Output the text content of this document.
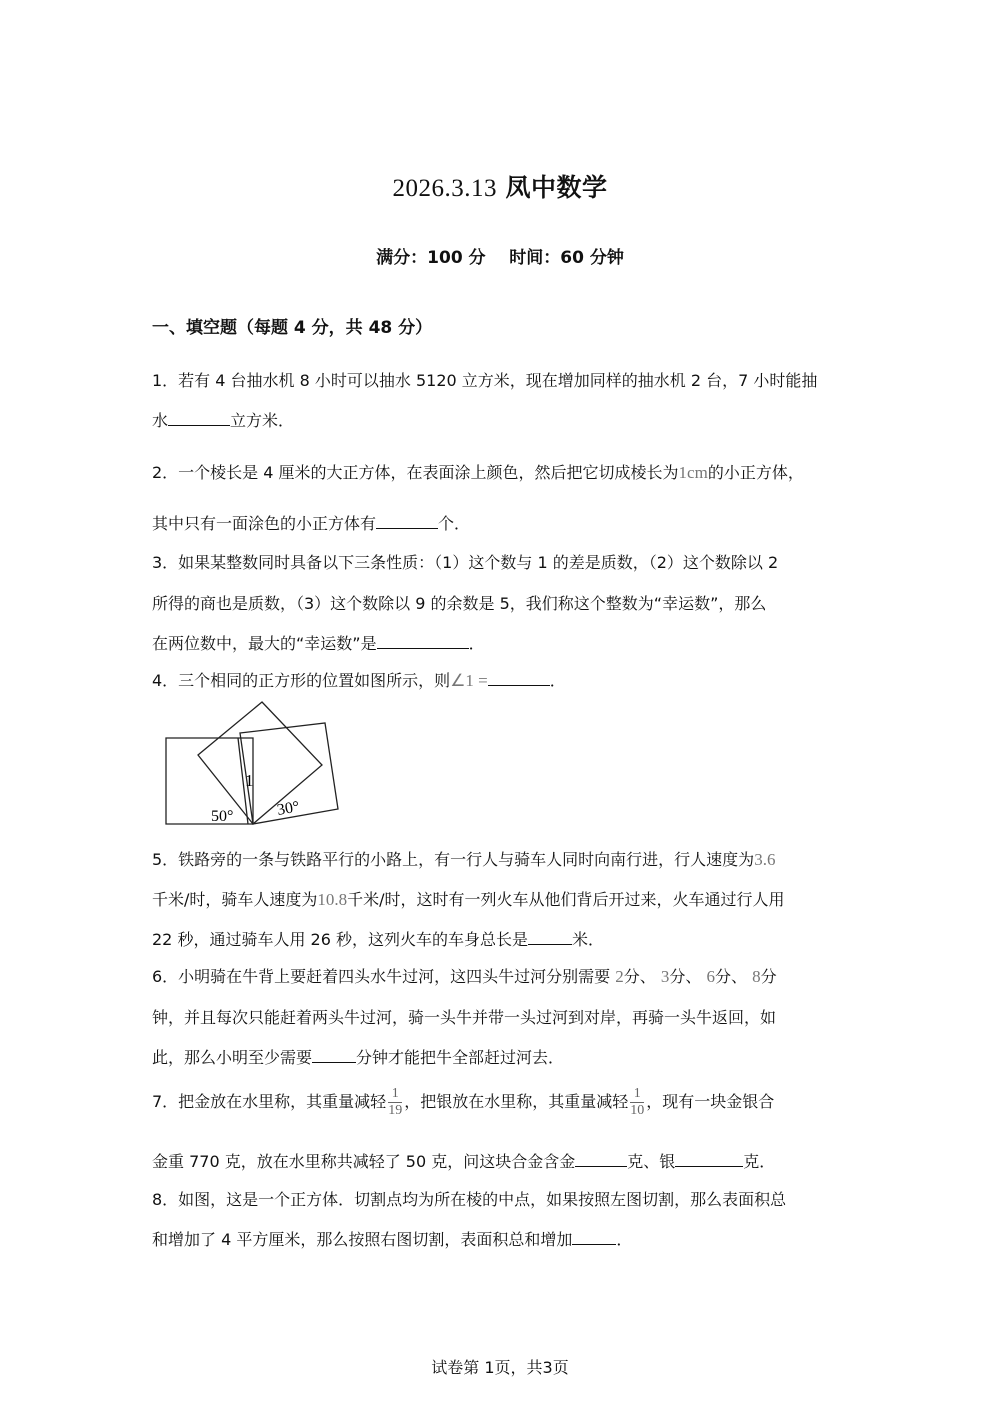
2026.3.13 凤中数学
满分：100 分 时间：60 分钟
一、填空题（每题 4 分，共 48 分）
1．若有 4 台抽水机 8 小时可以抽水 5120 立方米，现在增加同样的抽水机 2 台，7 小时能抽
水	立方米．
2．一个棱长是 4 厘米的大正方体，在表面涂上颜色，然后把它切成棱长为1cm的小正方体，
其中只有一面涂色的小正方体有	个．
3．如果某整数同时具备以下三条性质：（1）这个数与 1 的差是质数，（2）这个数除以 2
所得的商也是质数，（3）这个数除以 9 的余数是 5，我们称这个整数为“幸运数”，那么
在两位数中，最大的“幸运数”是	．
4．三个相同的正方形的位置如图所示，则∠1 =	．
1
50°	30°
5．铁路旁的一条与铁路平行的小路上，有一行人与骑车人同时向南行进，行人速度为3.6
千米/时，骑车人速度为10.8千米/时，这时有一列火车从他们背后开过来，火车通过行人用
22 秒，通过骑车人用 26 秒，这列火车的车身总长是	米．
6．小明骑在牛背上要赶着四头水牛过河，这四头牛过河分别需要 2分、 3分、 6分、 8分
钟，并且每次只能赶着两头牛过河，骑一头牛并带一头过河到对岸，再骑一头牛返回，如
此，那么小明至少需要	分钟才能把牛全部赶过河去．
7．把金放在水里称，其重量减轻 $\frac{1}{19}$ ，把银放在水里称，其重量减轻 $\frac{1}{10}$ ，现有一块金银合
金重 770 克，放在水里称共减轻了 50 克，问这块合金含金	克、银	克．
8．如图，这是一个正方体．切割点均为所在棱的中点，如果按照左图切割，那么表面积总
和增加了 4 平方厘米，那么按照右图切割，表面积总和增加	．
试卷第 1页，共3页
